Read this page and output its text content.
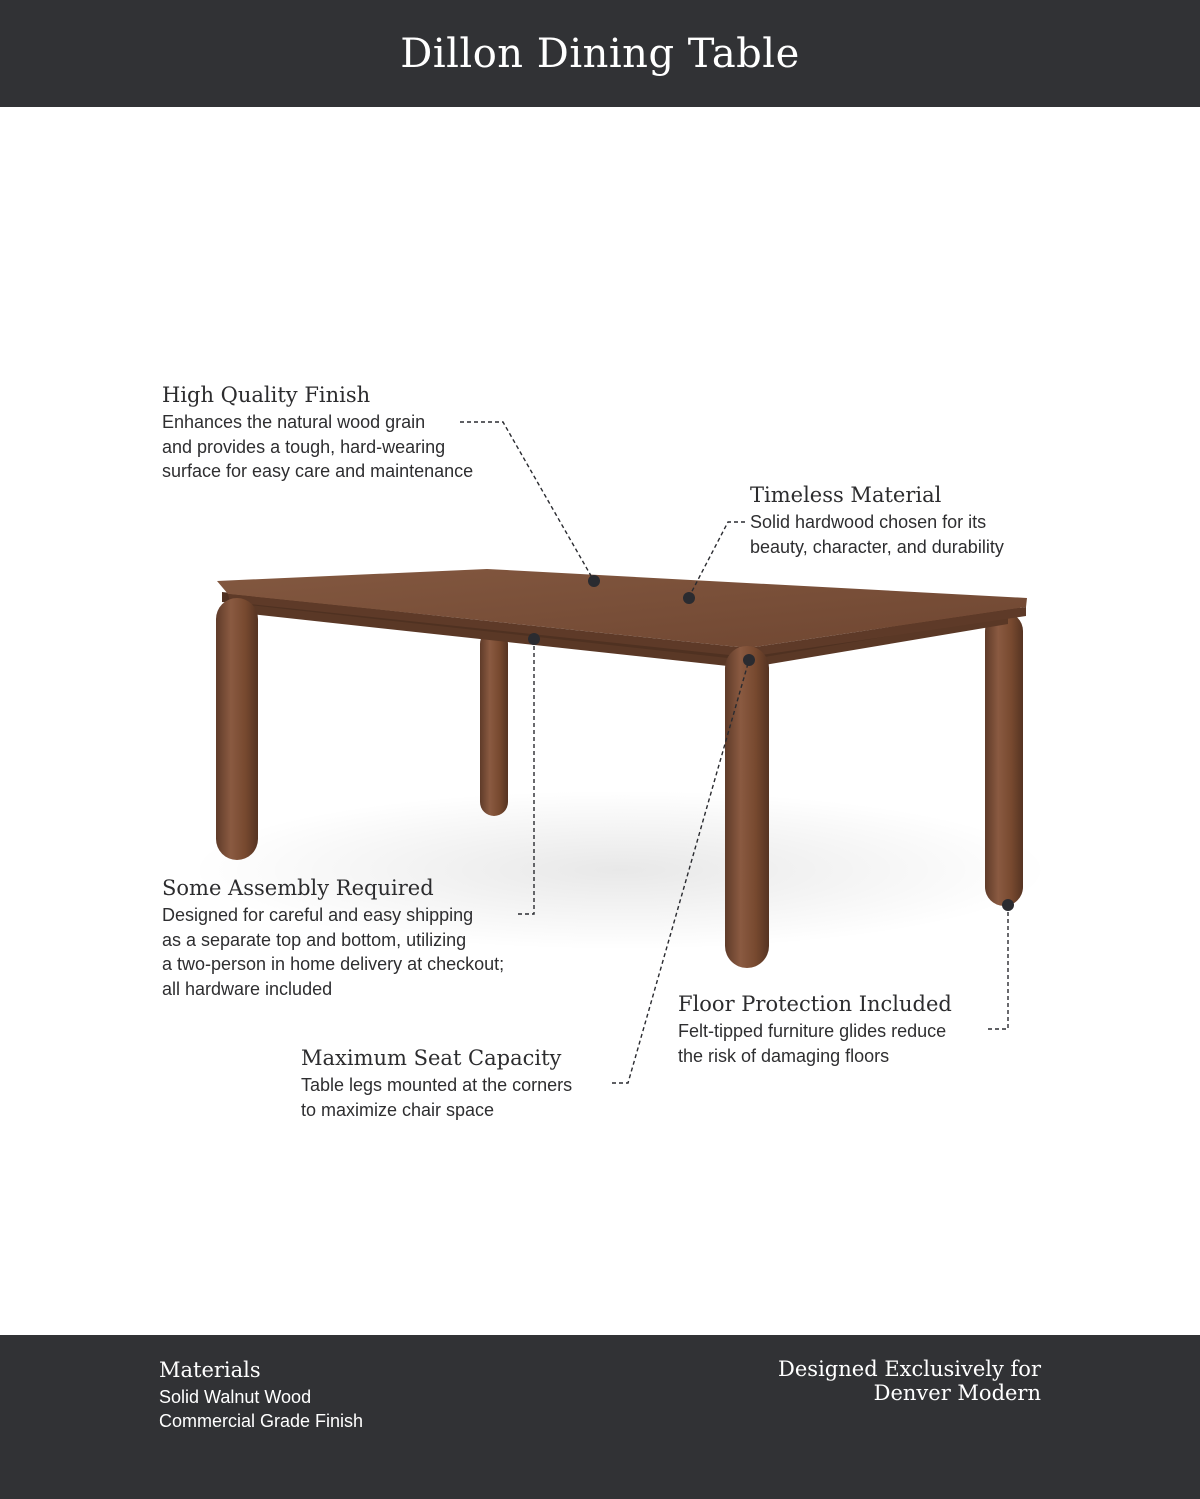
Dillon Dining Table
High Quality Finish
Enhances the natural wood grain
and provides a tough, hard-wearing
surface for easy care and maintenance
Timeless Material
Solid hardwood chosen for its
beauty, character, and durability
Some Assembly Required
Designed for careful and easy shipping
as a separate top and bottom, utilizing
a two-person in home delivery at checkout;
all hardware included
Floor Protection Included
Felt-tipped furniture glides reduce
the risk of damaging floors
Maximum Seat Capacity
Table legs mounted at the corners
to maximize chair space
Materials
Solid Walnut Wood
Commercial Grade Finish
Designed Exclusively for
Denver Modern
